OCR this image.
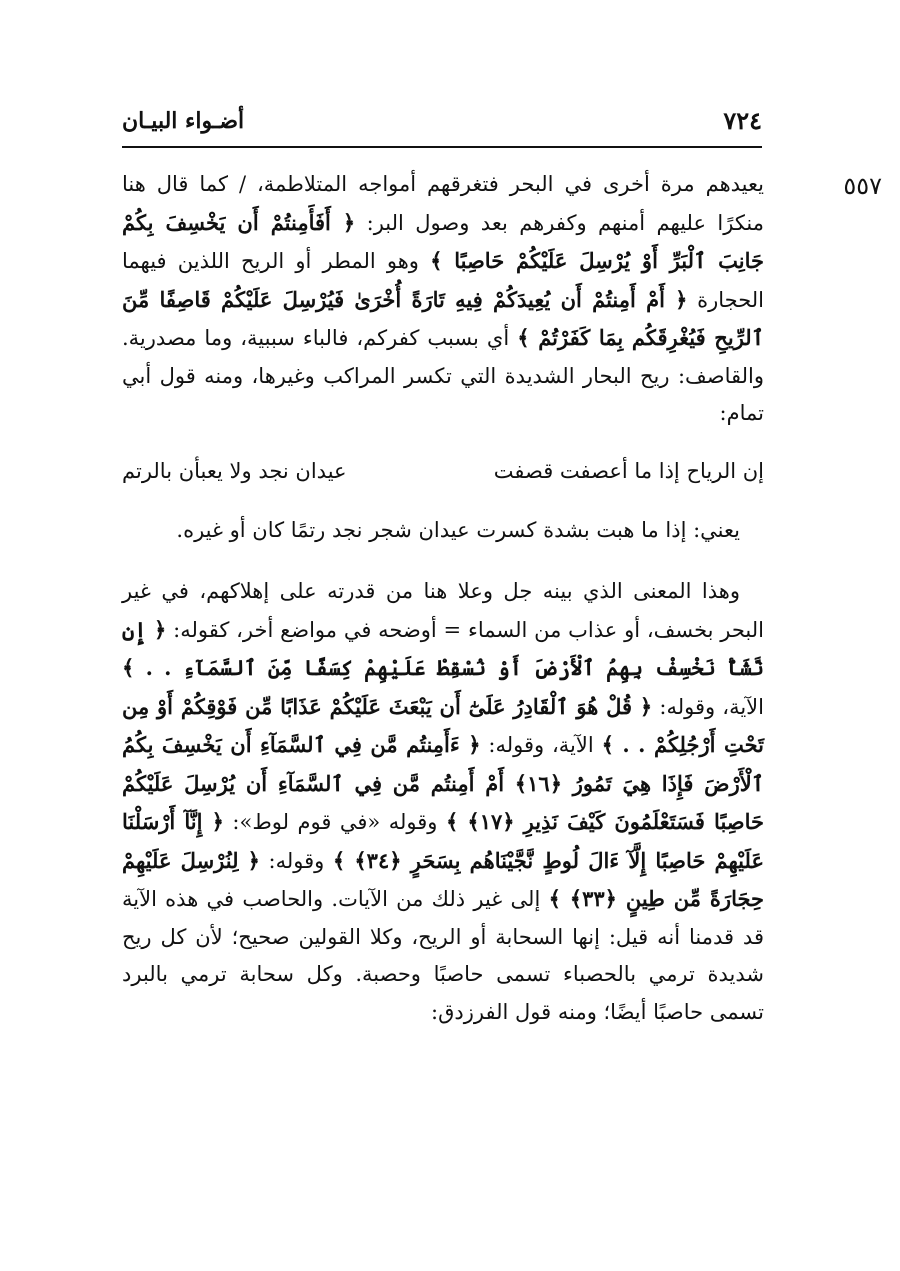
٧٢٤
أضـواء البيـان
٥٥٧

يعيدهم مرة أخرى في البحر فتغرقهم أمواجه المتلاطمة، / كما قال هنا منكرًا عليهم أمنهم وكفرهم بعد وصول البر: ﴿ أَفَأَمِنتُمْ أَن يَخْسِفَ بِكُمْ جَانِبَ ٱلْبَرِّ أَوْ يُرْسِلَ عَلَيْكُمْ حَاصِبًا ﴾ وهو المطر أو الريح اللذين فيهما الحجارة ﴿ أَمْ أَمِنتُمْ أَن يُعِيدَكُمْ فِيهِ تَارَةً أُخْرَىٰ فَيُرْسِلَ عَلَيْكُمْ قَاصِفًا مِّنَ ٱلرِّيحِ فَيُغْرِقَكُم بِمَا كَفَرْتُمْ ﴾ أي بسبب كفركم، فالباء سببية، وما مصدرية. والقاصف: ريح البحار الشديدة التي تكسر المراكب وغيرها، ومنه قول أبي تمام:

إن الرياح إذا ما أعصفت قصفت
عيدان نجد ولا يعبأن بالرتم

يعني: إذا ما هبت بشدة كسرت عيدان شجر نجد رتمًا كان أو غيره.

وهذا المعنى الذي بينه جل وعلا هنا من قدرته على إهلاكهم، في غير البحر بخسف، أو عذاب من السماء = أوضحه في مواضع أخر، كقوله: ﴿ إِن نَّشَأْ نَخْسِفْ بِهِمُ ٱلْأَرْضَ أَوْ نُسْقِطْ عَلَيْهِمْ كِسَفًا مِّنَ ٱلسَّمَآءِ . . ﴾ الآية، وقوله: ﴿ قُلْ هُوَ ٱلْقَادِرُ عَلَىٰٓ أَن يَبْعَثَ عَلَيْكُمْ عَذَابًا مِّن فَوْقِكُمْ أَوْ مِن تَحْتِ أَرْجُلِكُمْ . . ﴾ الآية، وقوله: ﴿ ءَأَمِنتُم مَّن فِي ٱلسَّمَآءِ أَن يَخْسِفَ بِكُمُ ٱلْأَرْضَ فَإِذَا هِيَ تَمُورُ ﴿١٦﴾ أَمْ أَمِنتُم مَّن فِي ٱلسَّمَآءِ أَن يُرْسِلَ عَلَيْكُمْ حَاصِبًا فَسَتَعْلَمُونَ كَيْفَ نَذِيرِ ﴿١٧﴾ ﴾ وقوله «في قوم لوط»: ﴿ إِنَّآ أَرْسَلْنَا عَلَيْهِمْ حَاصِبًا إِلَّآ ءَالَ لُوطٍ نَّجَّيْنَاهُم بِسَحَرٍ ﴿٣٤﴾ ﴾ وقوله: ﴿ لِنُرْسِلَ عَلَيْهِمْ حِجَارَةً مِّن طِينٍ ﴿٣٣﴾ ﴾ إلى غير ذلك من الآيات. والحاصب في هذه الآية قد قدمنا أنه قيل: إنها السحابة أو الريح، وكلا القولين صحيح؛ لأن كل ريح شديدة ترمي بالحصباء تسمى حاصبًا وحصبة. وكل سحابة ترمي بالبرد تسمى حاصبًا أيضًا؛ ومنه قول الفرزدق:
